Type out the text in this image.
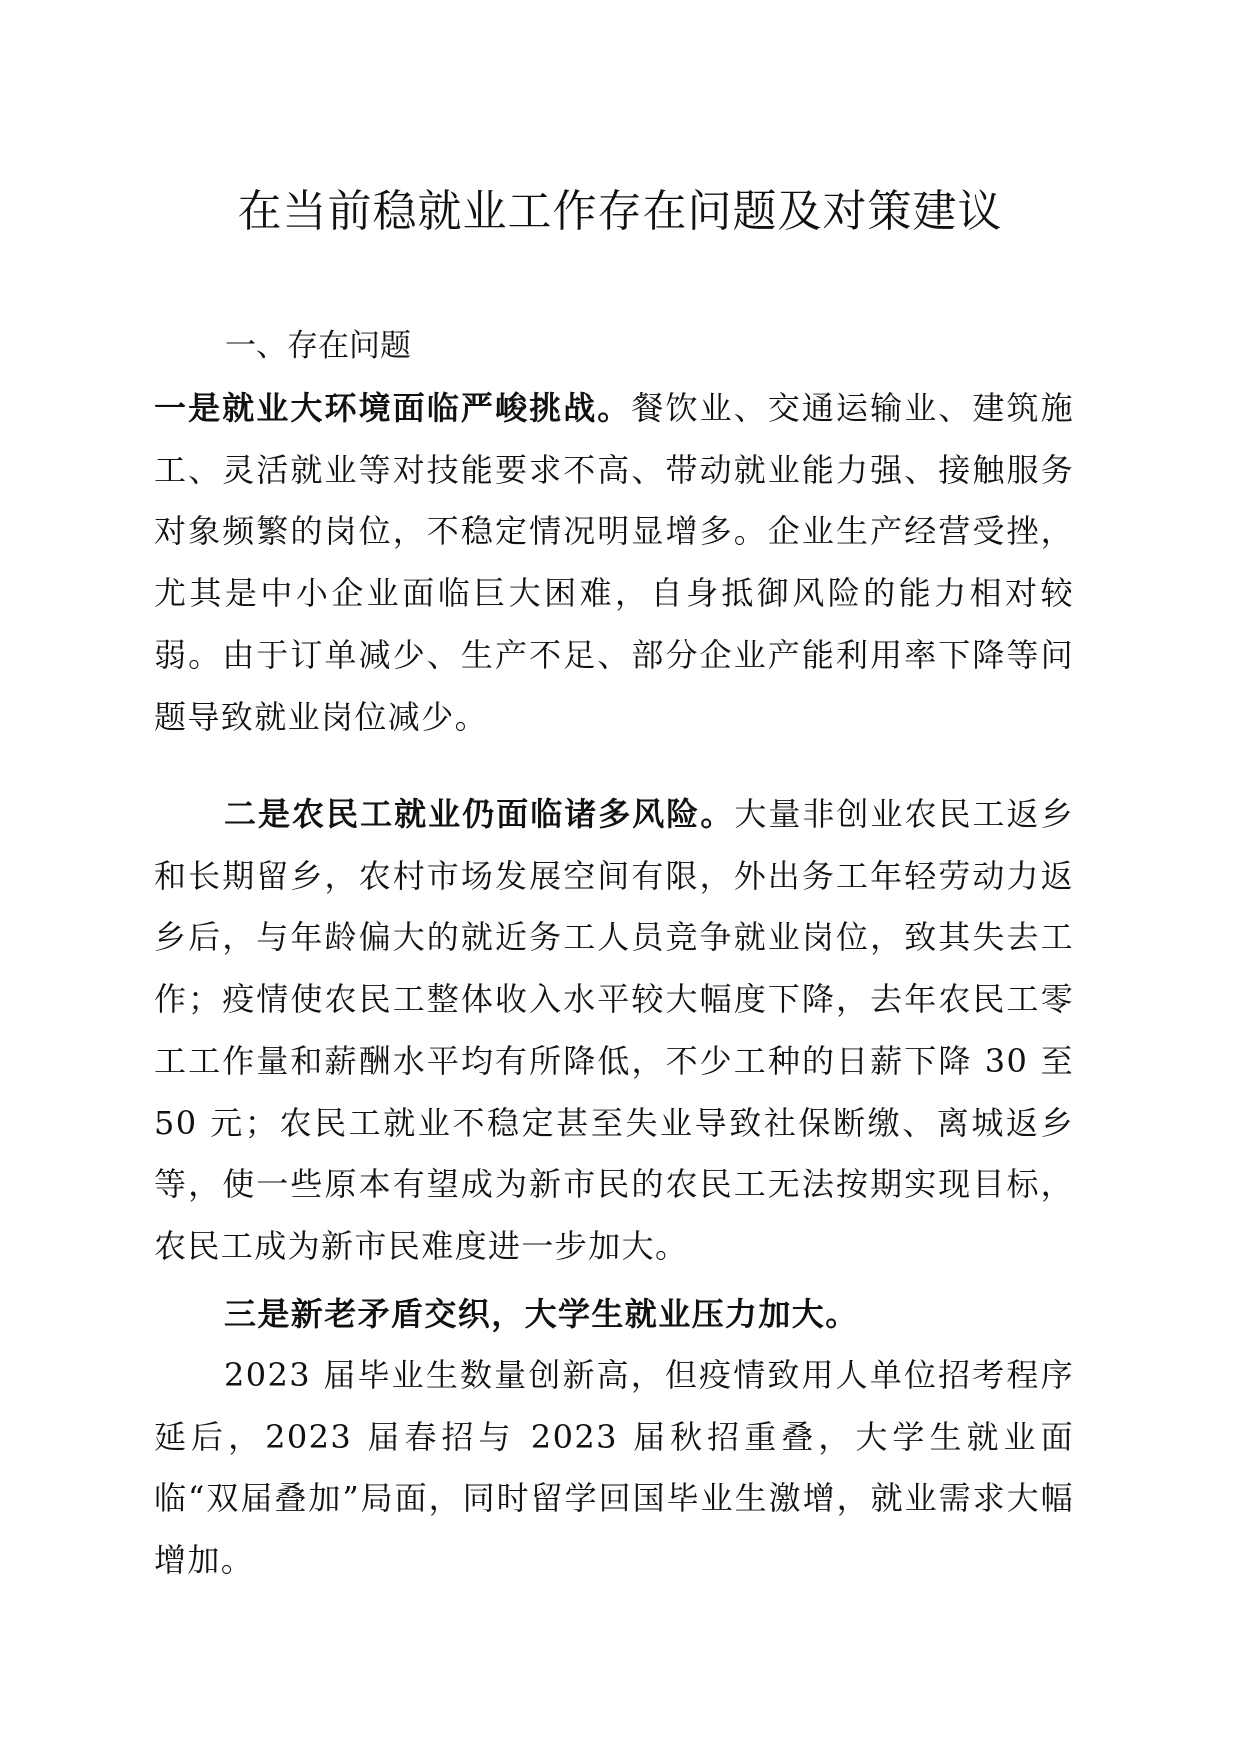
在当前稳就业工作存在问题及对策建议
一、存在问题

一是就业大环境面临严峻挑战。餐饮业、交通运输业、建筑施工、灵活就业等对技能要求不高、带动就业能力强、接触服务对象频繁的岗位，不稳定情况明显增多。企业生产经营受挫，尤其是中小企业面临巨大困难，自身抵御风险的能力相对较弱。由于订单减少、生产不足、部分企业产能利用率下降等问题导致就业岗位减少。

二是农民工就业仍面临诸多风险。大量非创业农民工返乡和长期留乡，农村市场发展空间有限，外出务工年轻劳动力返乡后，与年龄偏大的就近务工人员竞争就业岗位，致其失去工作；疫情使农民工整体收入水平较大幅度下降，去年农民工零工工作量和薪酬水平均有所降低，不少工种的日薪下降 30 至 50 元；农民工就业不稳定甚至失业导致社保断缴、离城返乡等，使一些原本有望成为新市民的农民工无法按期实现目标，农民工成为新市民难度进一步加大。

三是新老矛盾交织，大学生就业压力加大。

2023 届毕业生数量创新高，但疫情致用人单位招考程序延后，2023 届春招与 2023 届秋招重叠，大学生就业面临“双届叠加”局面，同时留学回国毕业生激增，就业需求大幅增加。
